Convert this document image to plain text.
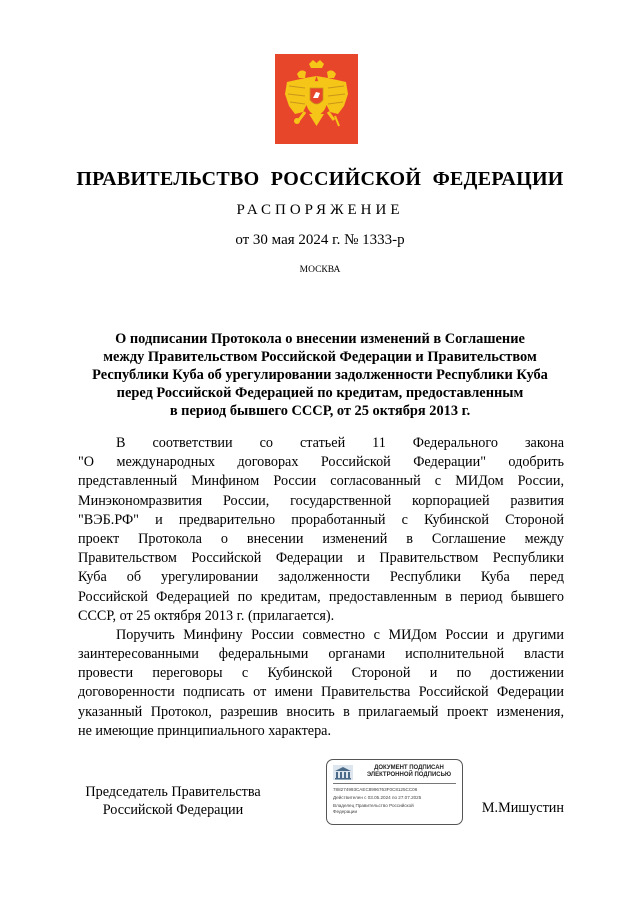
ПРАВИТЕЛЬСТВО РОССИЙСКОЙ ФЕДЕРАЦИИ
РАСПОРЯЖЕНИЕ
от 30 мая 2024 г. № 1333-р
МОСКВА
О подписании Протокола о внесении изменений в Соглашение
между Правительством Российской Федерации и Правительством
Республики Куба об урегулировании задолженности Республики Куба
перед Российской Федерацией по кредитам, предоставленным
в период бывшего СССР, от 25 октября 2013 г.
В соответствии со статьей 11 Федерального закона
"О международных договорах Российской Федерации" одобрить
представленный Минфином России согласованный с МИДом России,
Минэкономразвития России, государственной корпорацией развития
"ВЭБ.РФ" и предварительно проработанный с Кубинской Стороной
проект Протокола о внесении изменений в Соглашение между
Правительством Российской Федерации и Правительством Республики
Куба об урегулировании задолженности Республики Куба перед
Российской Федерацией по кредитам, предоставленным в период бывшего
СССР, от 25 октября 2013 г. (прилагается).
Поручить Минфину России совместно с МИДом России и другими
заинтересованными федеральными органами исполнительной власти
провести переговоры с Кубинской Стороной и по достижении
договоренности подписать от имени Правительства Российской Федерации
указанный Протокол, разрешив вносить в прилагаемый проект изменения,
не имеющие принципиального характера.
Председатель Правительства
Российской Федерации
ДОКУМЕНТ ПОДПИСАН
ЭЛЕКТРОННОЙ ПОДПИСЬЮ
788274993CAEC8996763F0C8125CC06
Действителен с 03.05.2024 по 27.07.2025
Владелец Правительство Российской
Федерации	М.Мишустин
